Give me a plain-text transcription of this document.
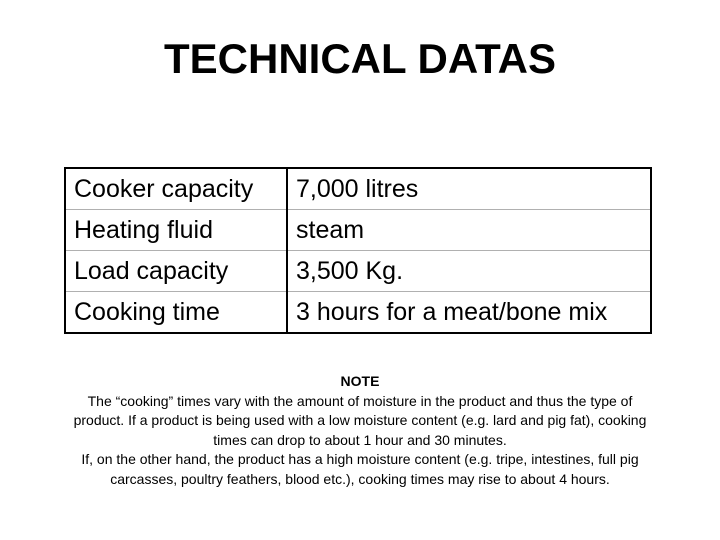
TECHNICAL DATAS
Cooker capacity	7,000 litres
Heating fluid	steam
Load capacity	3,500 Kg.
Cooking time	3 hours for a meat/bone mix
NOTE
The “cooking” times vary with the amount of moisture in the product and thus the type of
product. If a product is being used with a low moisture content (e.g. lard and pig fat), cooking
times can drop to about 1 hour and 30 minutes.
If, on the other hand, the product has a high moisture content (e.g. tripe, intestines, full pig
carcasses, poultry feathers, blood etc.), cooking times may rise to about 4 hours.
